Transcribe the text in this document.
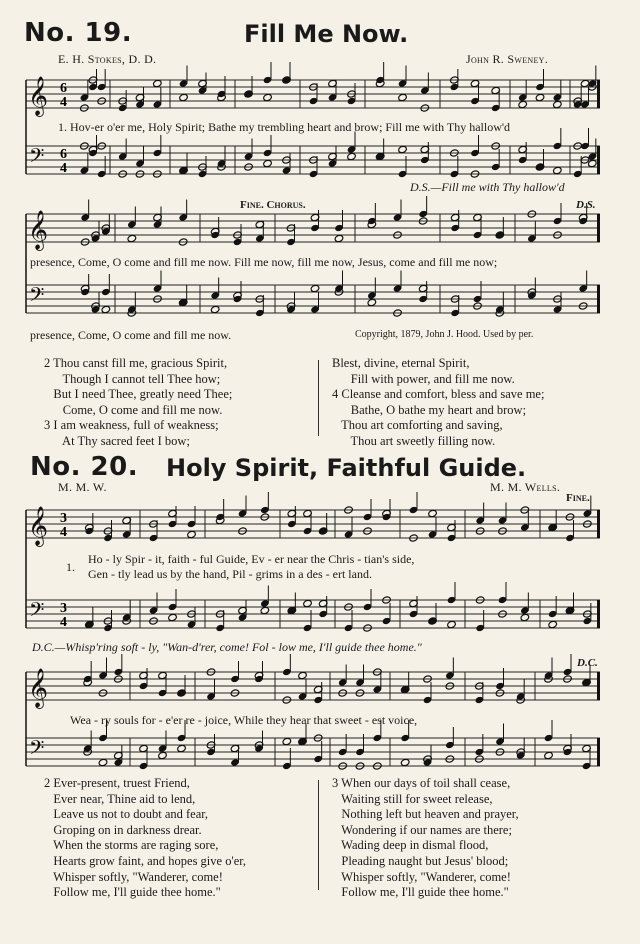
No. 19.	Fill Me Now.
E. H. Stokes, D. D.	John R. Sweney.
𝄞
𝄢
6
4
6
4
𝄞
𝄢
𝄞
𝄢
3
4
3
4
𝄞
𝄢
1. Hov-er o'er me, Holy Spirit; Bathe my trembling heart and brow; Fill me with Thy hallow'd
D.S.—Fill me with Thy hallow'd
Fine. Chorus.	D.S.
presence, Come, O come and fill me now. Fill me now, fill me now, Jesus, come and fill me now;
presence, Come, O come and fill me now.	Copyright, 1879, John J. Hood. Used by per.
2 Thou canst fill me, gracious Spirit,
Though I cannot tell Thee how;
But I need Thee, greatly need Thee;
Come, O come and fill me now.
3 I am weakness, full of weakness;
At Thy sacred feet I bow;
Blest, divine, eternal Spirit,
Fill with power, and fill me now.
4 Cleanse and comfort, bless and save me;
Bathe, O bathe my heart and brow;
Thou art comforting and saving,
Thou art sweetly filling now.
No. 20. Holy Spirit, Faithful Guide.
M. M. W.	M. M. Wells.
Fine.
1.
Ho - ly Spir - it, faith - ful Guide, Ev - er near the Chris - tian's side,
Gen - tly lead us by the hand, Pil - grims in a des - ert land.
D.C.—Whisp'ring soft - ly, "Wan-d'rer, come! Fol - low me, I'll guide thee home."
D.C.
Wea - ry souls for - e'er re - joice, While they hear that sweet - est voice,
2 Ever-present, truest Friend,
Ever near, Thine aid to lend,
Leave us not to doubt and fear,
Groping on in darkness drear.
When the storms are raging sore,
Hearts grow faint, and hopes give o'er,
Whisper softly, "Wanderer, come!
Follow me, I'll guide thee home."
3 When our days of toil shall cease,
Waiting still for sweet release,
Nothing left but heaven and prayer,
Wondering if our names are there;
Wading deep in dismal flood,
Pleading naught but Jesus' blood;
Whisper softly, "Wanderer, come!
Follow me, I'll guide thee home."
